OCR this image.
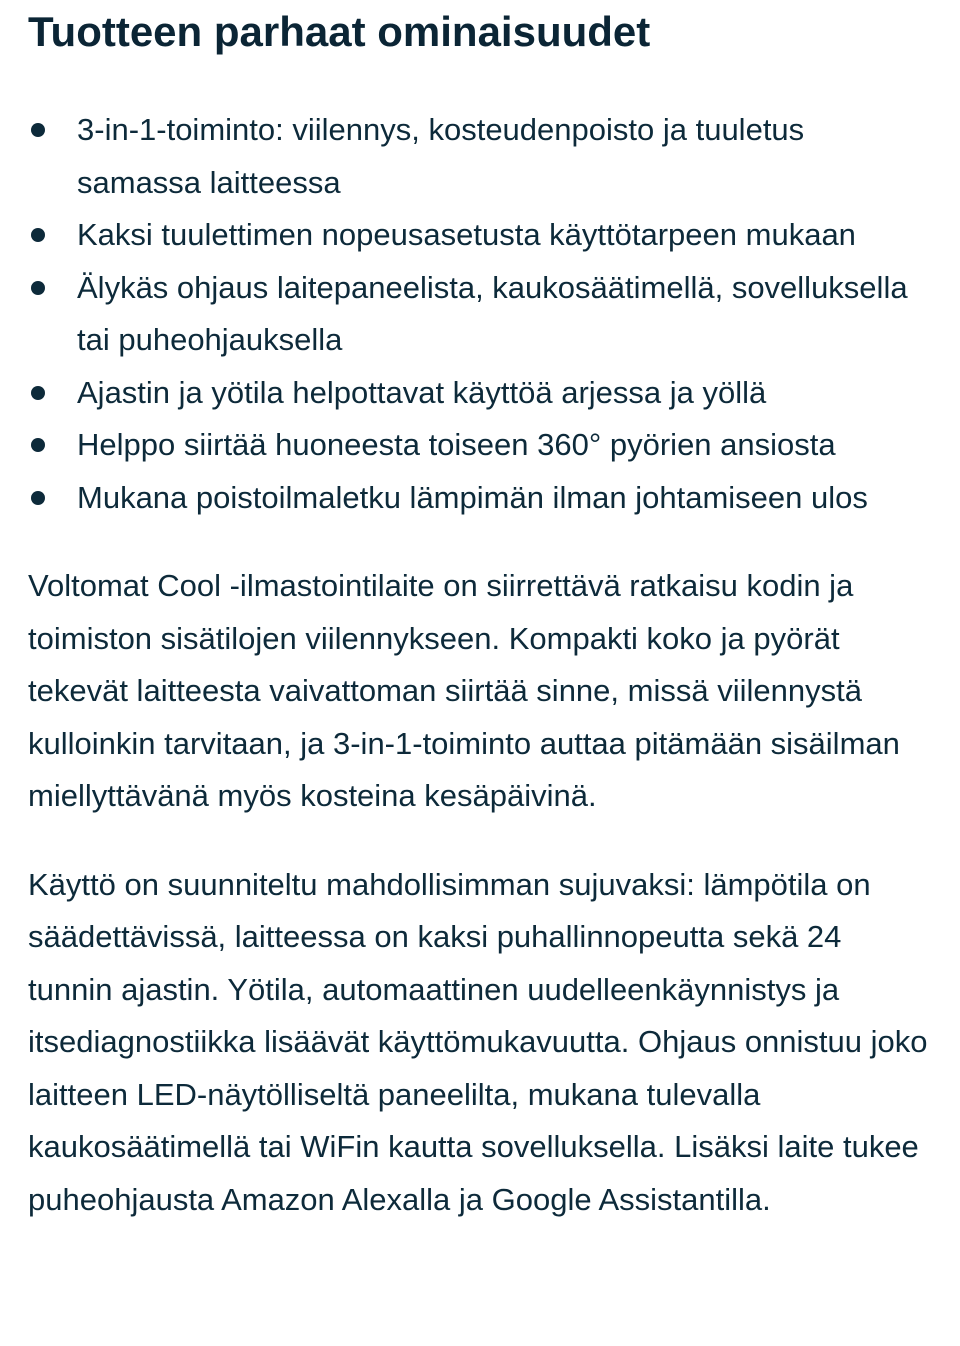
Tuotteen parhaat ominaisuudet
3-in-1-toiminto: viilennys, kosteudenpoisto ja tuuletus samassa laitteessa
Kaksi tuulettimen nopeusasetusta käyttötarpeen mukaan
Älykäs ohjaus laitepaneelista, kaukosäätimellä, sovelluksella tai puheohjauksella
Ajastin ja yötila helpottavat käyttöä arjessa ja yöllä
Helppo siirtää huoneesta toiseen 360° pyörien ansiosta
Mukana poistoilmaletku lämpimän ilman johtamiseen ulos

Voltomat Cool -ilmastointilaite on siirrettävä ratkaisu kodin ja toimiston sisätilojen viilennykseen. Kompakti koko ja pyörät tekevät laitteesta vaivattoman siirtää sinne, missä viilennystä kulloinkin tarvitaan, ja 3-in-1-toiminto auttaa pitämään sisäilman miellyttävänä myös kosteina kesäpäivinä.

Käyttö on suunniteltu mahdollisimman sujuvaksi: lämpötila on säädettävissä, laitteessa on kaksi puhallinnopeutta sekä 24 tunnin ajastin. Yötila, automaattinen uudelleenkäynnistys ja itsediagnostiikka lisäävät käyttömukavuutta. Ohjaus onnistuu joko laitteen LED-näytölliseltä paneelilta, mukana tulevalla kaukosäätimellä tai WiFin kautta sovelluksella. Lisäksi laite tukee puheohjausta Amazon Alexalla ja Google Assistantilla.
